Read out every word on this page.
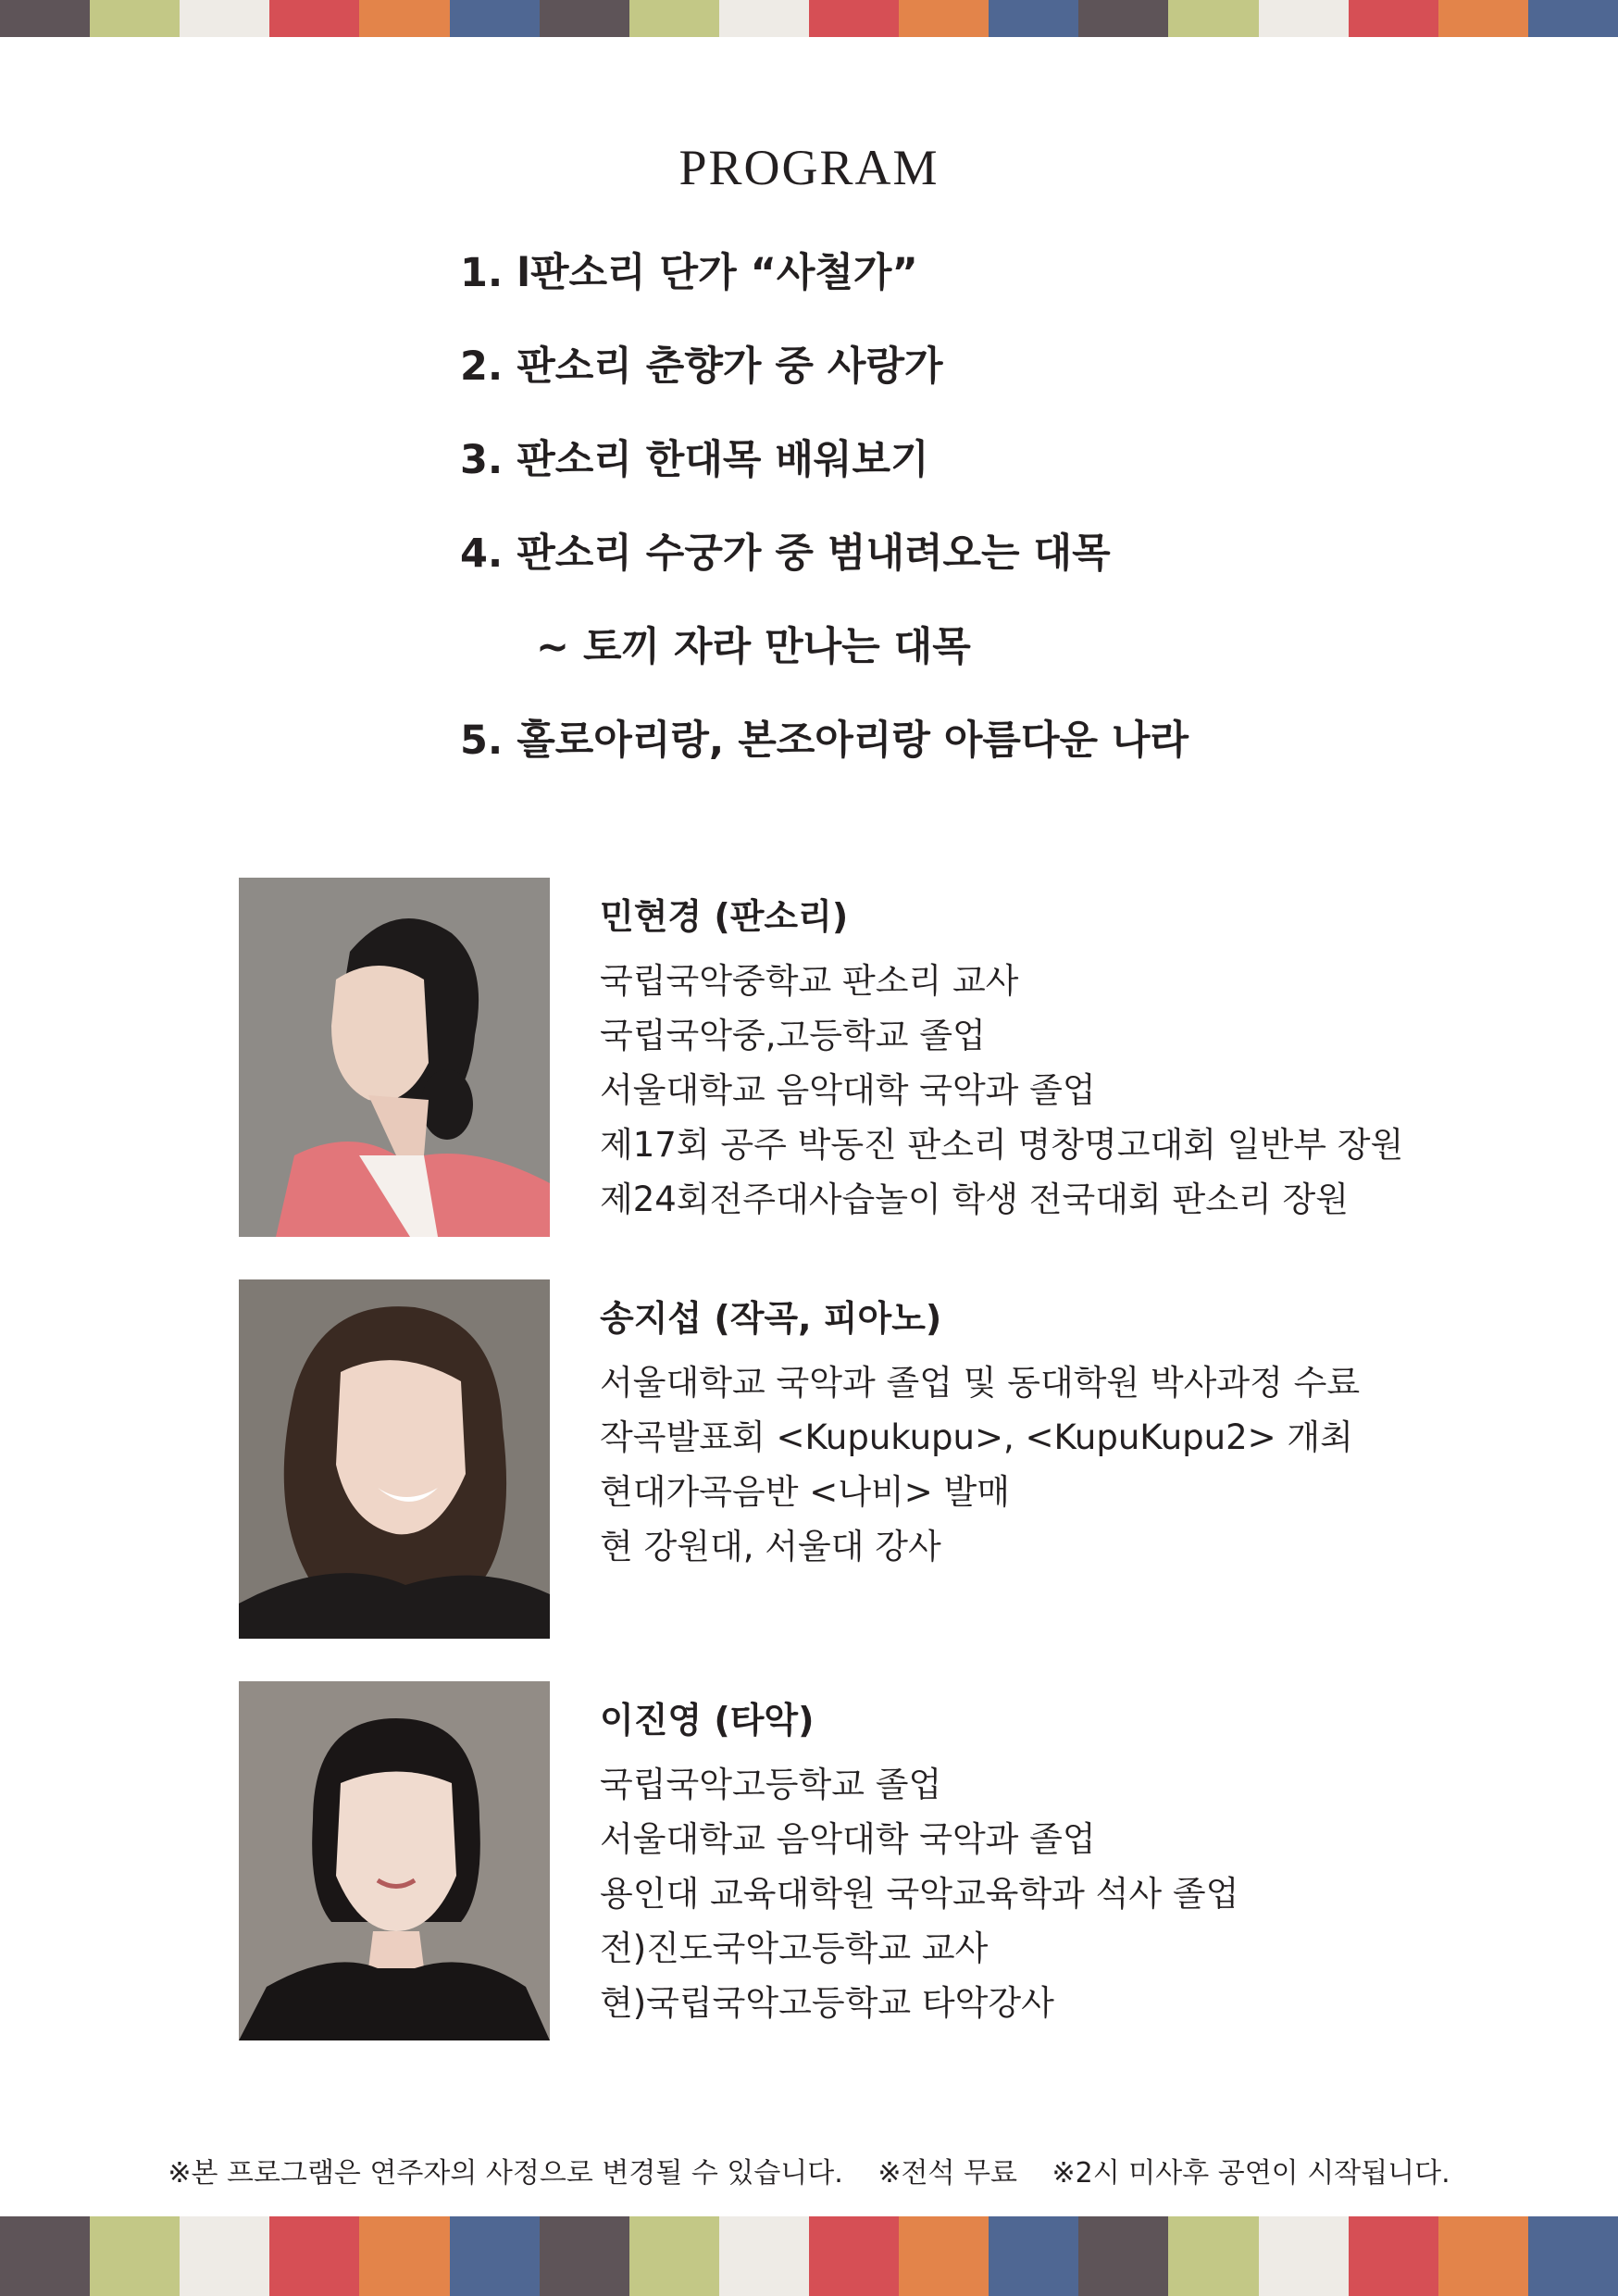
PROGRAM
1. l판소리 단가 “사철가”
2. 판소리 춘향가 중 사랑가
3. 판소리 한대목 배워보기
4. 판소리 수궁가 중 범내려오는 대목
~ 토끼 자라 만나는 대목
5. 홀로아리랑, 본조아리랑 아름다운 나라
민현경 (판소리)
국립국악중학교 판소리 교사
국립국악중,고등학교 졸업
서울대학교 음악대학 국악과 졸업
제17회 공주 박동진 판소리 명창명고대회 일반부 장원
제24회전주대사습놀이 학생 전국대회 판소리 장원
송지섭 (작곡, 피아노)
서울대학교 국악과 졸업 및 동대학원 박사과정 수료
작곡발표회 <Kupukupu>, <KupuKupu2> 개최
현대가곡음반 <나비> 발매
현 강원대, 서울대 강사
이진영 (타악)
국립국악고등학교 졸업
서울대학교 음악대학 국악과 졸업
용인대 교육대학원 국악교육학과 석사 졸업
전)진도국악고등학교 교사
현)국립국악고등학교 타악강사
※본 프로그램은 연주자의 사정으로 변경될 수 있습니다. ※전석 무료 ※2시 미사후 공연이 시작됩니다.
